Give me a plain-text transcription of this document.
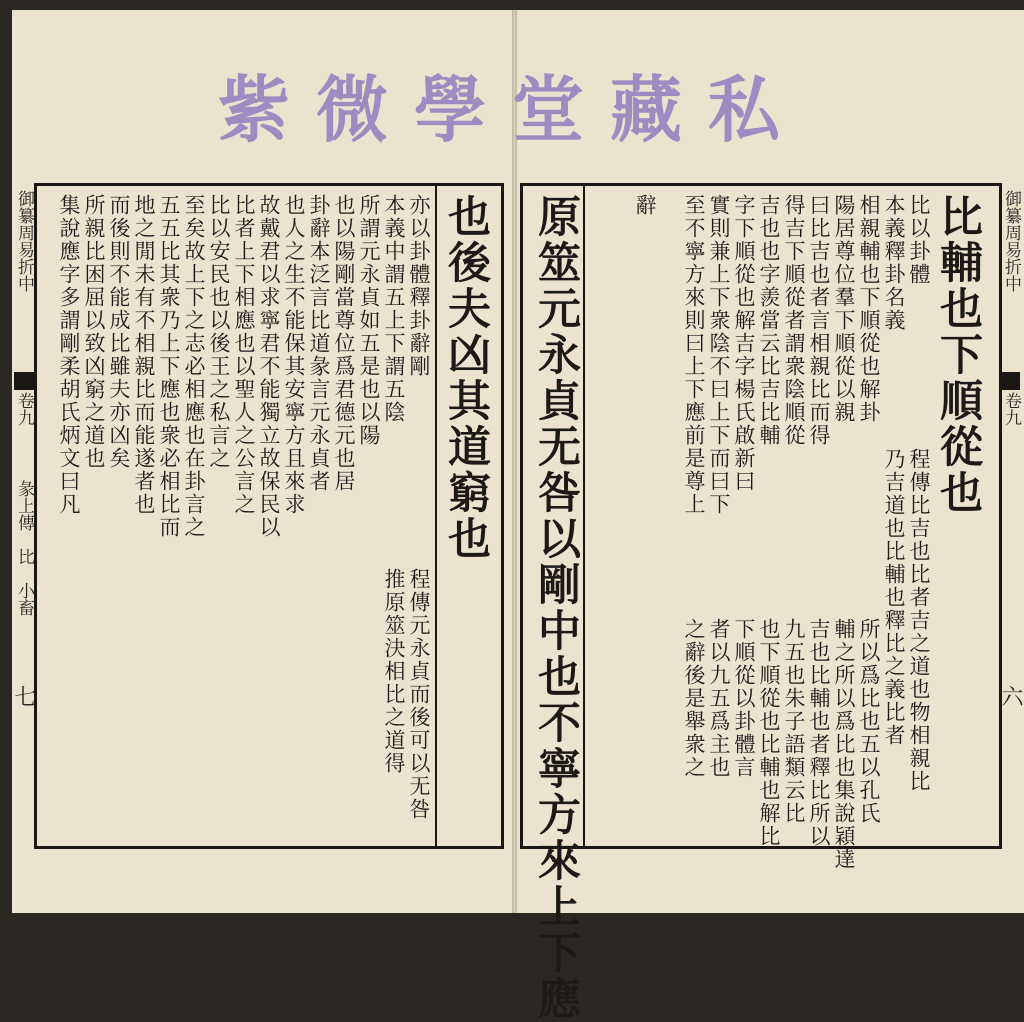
紫微學堂藏私
御纂周易折中
卷九
彖上傳　比　小畜
七
也後夫凶其道窮也
亦以卦體釋卦辭剛
本義中謂五上下謂五陰
所謂元永貞如五是也以陽
也以陽剛當尊位爲君德元也居
卦辭本泛言比道彖言元永貞者
也人之生不能保其安寧方且來求
故戴君以求寧君不能獨立故保民以
比者上下相應也以聖人之公言之
比以安民也以後王之私言之
至矣故上下之志必相應也在卦言之
五五比其衆乃上下應也衆必相比而
地之閒未有不相親比而能遂者也
而後則不能成比雖夫亦凶矣
所親比困屈以致凶窮之道也
程傳元永貞而後可以无咎
推原筮決相比之道得
集說應字多謂剛柔胡氏炳文曰凡	御纂周易折中
卷九
六
比輔也下順從也
原筮元永貞无咎以剛中也不寧方來上下應	比以卦體
本義釋卦名義
相親輔也下順從也解卦
陽居尊位羣下順從以親
曰比吉也者言相親比而得
得吉下順從者謂衆陰順從
吉也也字羨當云比吉比輔
字下順從也解吉字楊氏啟新曰
實則兼上下衆陰不曰上下而曰下
至不寧方來則曰上下應前是尊上
辭
程傳比吉也比者吉之道也物相親比
乃吉道也比輔也釋比之義比者
所以爲比也五以孔氏
輔之所以爲比也集說穎達
吉也比輔也者釋比所以
九五也朱子語類云比
也下順從也比輔也解比
下順從以卦體言
者以九五爲主也
之辭後是舉衆之
